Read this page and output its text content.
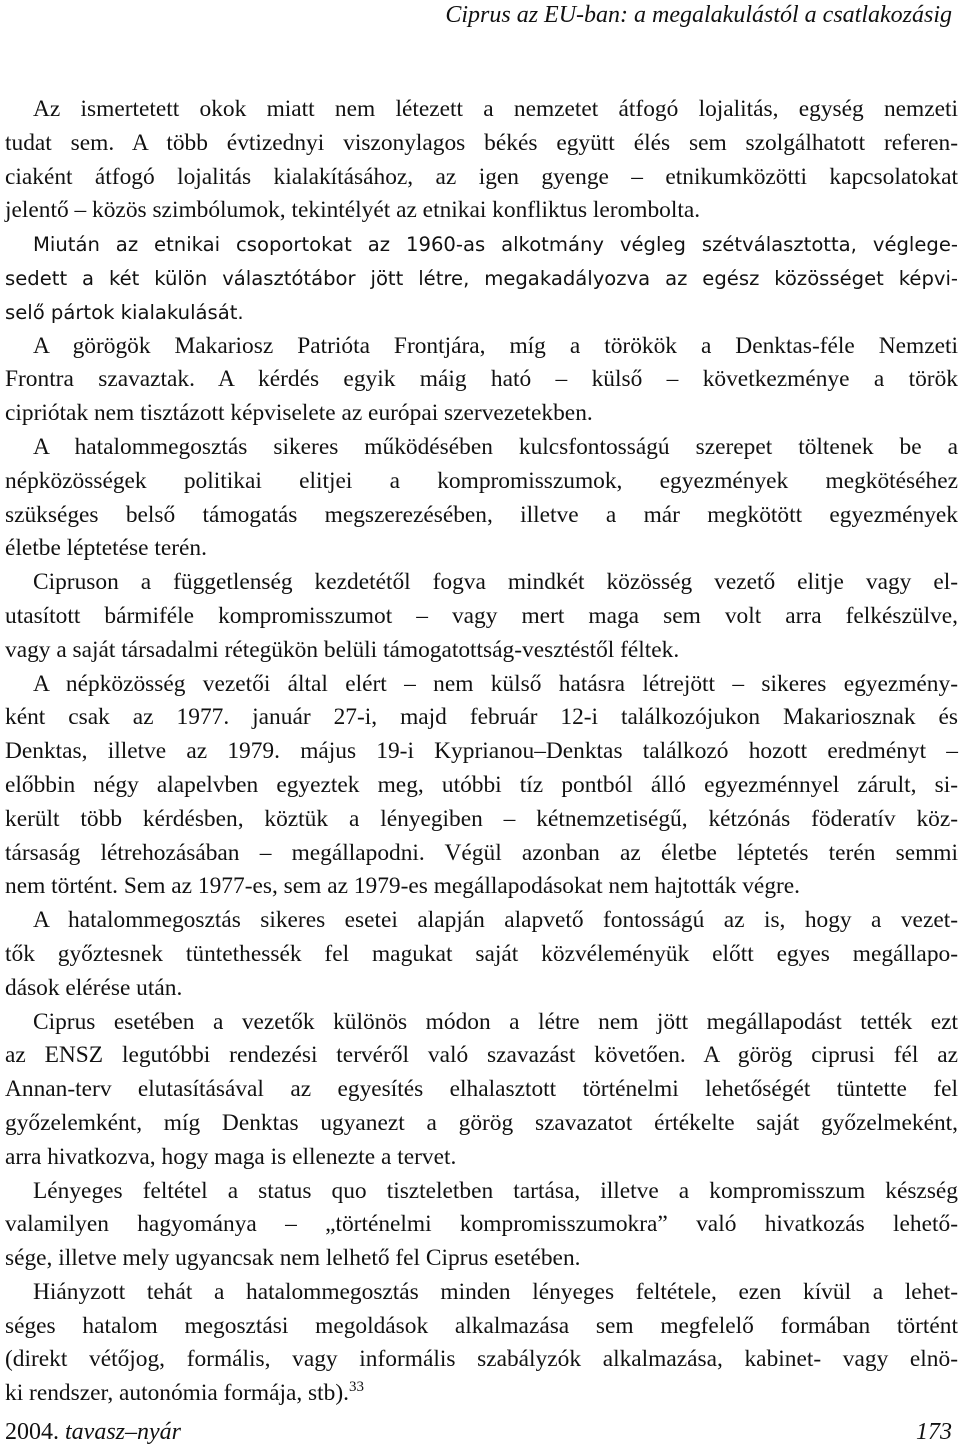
Ciprus az EU-ban: a megalakulástól a csatlakozásig

Az ismertetett okok miatt nem létezett a nemzetet átfogó lojalitás, egység nemzeti
tudat sem. A több évtizednyi viszonylagos békés együtt élés sem szolgálhatott referen-
ciaként átfogó lojalitás kialakításához, az igen gyenge – etnikumközötti kapcsolatokat
jelentő – közös szimbólumok, tekintélyét az etnikai konfliktus lerombolta.

Miután az etnikai csoportokat az 1960-as alkotmány végleg szétválasztotta, véglege-
sedett a két külön választótábor jött létre, megakadályozva az egész közösséget képvi-
selő pártok kialakulását.

A görögök Makariosz Patrióta Frontjára, míg a törökök a Denktas-féle Nemzeti
Frontra szavaztak. A kérdés egyik máig ható – külső – következménye a török
cipriótak nem tisztázott képviselete az európai szervezetekben.

A hatalommegosztás sikeres működésében kulcsfontosságú szerepet töltenek be a
népközösségek politikai elitjei a kompromisszumok, egyezmények megkötéséhez
szükséges belső támogatás megszerezésében, illetve a már megkötött egyezmények
életbe léptetése terén.

Cipruson a függetlenség kezdetétől fogva mindkét közösség vezető elitje vagy el-
utasított bármiféle kompromisszumot – vagy mert maga sem volt arra felkészülve,
vagy a saját társadalmi rétegükön belüli támogatottság-vesztéstől féltek.

A népközösség vezetői által elért – nem külső hatásra létrejött – sikeres egyezmény-
ként csak az 1977. január 27-i, majd február 12-i találkozójukon Makariosznak és
Denktas, illetve az 1979. május 19-i Kyprianou–Denktas találkozó hozott eredményt –
előbbin négy alapelvben egyeztek meg, utóbbi tíz pontból álló egyezménnyel zárult, si-
került több kérdésben, köztük a lényegiben – kétnemzetiségű, kétzónás föderatív köz-
társaság létrehozásában – megállapodni. Végül azonban az életbe léptetés terén semmi
nem történt. Sem az 1977-es, sem az 1979-es megállapodásokat nem hajtották végre.

A hatalommegosztás sikeres esetei alapján alapvető fontosságú az is, hogy a vezet-
tők győztesnek tüntethessék fel magukat saját közvéleményük előtt egyes megállapo-
dások elérése után.

Ciprus esetében a vezetők különös módon a létre nem jött megállapodást tették ezt
az ENSZ legutóbbi rendezési tervéről való szavazást követően. A görög ciprusi fél az
Annan-terv elutasításával az egyesítés elhalasztott történelmi lehetőségét tüntette fel
győzelemként, míg Denktas ugyanezt a görög szavazatot értékelte saját győzelmeként,
arra hivatkozva, hogy maga is ellenezte a tervet.

Lényeges feltétel a status quo tiszteletben tartása, illetve a kompromisszum készség
valamilyen hagyománya – „történelmi kompromisszumokra” való hivatkozás lehető-
sége, illetve mely ugyancsak nem lelhető fel Ciprus esetében.

Hiányzott tehát a hatalommegosztás minden lényeges feltétele, ezen kívül a lehet-
séges hatalom megosztási megoldások alkalmazása sem megfelelő formában történt
(direkt vétőjog, formális, vagy informális szabályzók alkalmazása, kabinet- vagy elnö-
ki rendszer, autonómia formája, stb).$^{33}$

2004. tavasz–nyár	173
